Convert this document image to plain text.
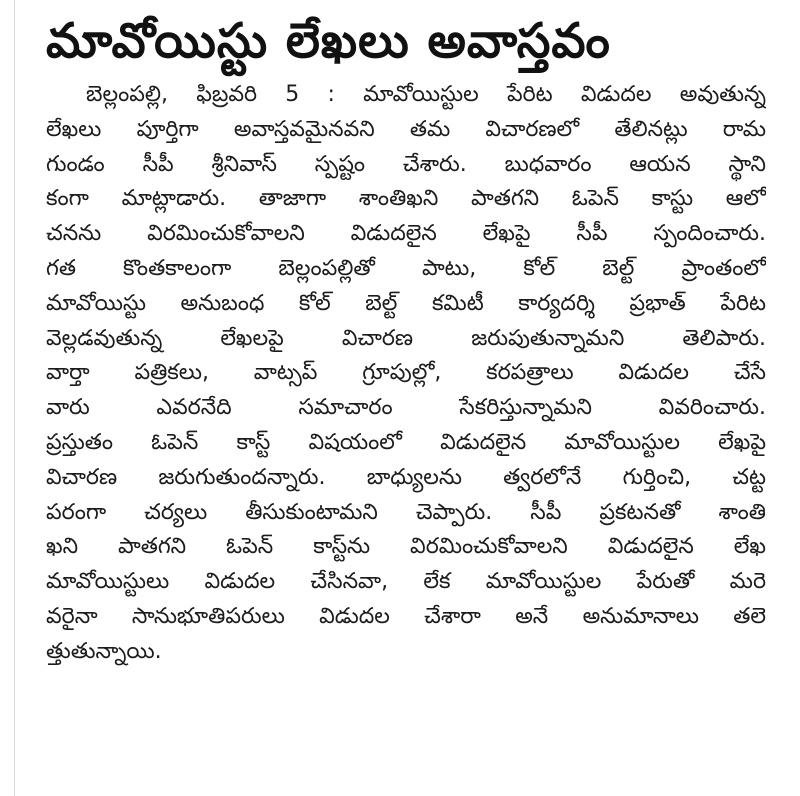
మావోయిస్టు లేఖలు అవాస్తవం
బెల్లంపల్లి, ఫిబ్రవరి 5 : మావోయిస్టుల పేరిట విడుదల అవుతున్న
లేఖలు పూర్తిగా అవాస్తవమైనవని తమ విచారణలో తేలినట్లు రామ
గుండం సీపీ శ్రీనివాస్ స్పష్టం చేశారు. బుధవారం ఆయన స్థాని
కంగా మాట్లాడారు. తాజాగా శాంతిఖని పాతగని ఓపెన్ కాస్టు ఆలో
చనను విరమించుకోవాలని విడుదలైన లేఖపై సీపీ స్పందించారు.
గత కొంతకాలంగా బెల్లంపల్లితో పాటు, కోల్ బెల్ట్ ప్రాంతంలో
మావోయిస్టు అనుబంధ కోల్ బెల్ట్ కమిటీ కార్యదర్శి ప్రభాత్ పేరిట
వెల్లడవుతున్న లేఖలపై విచారణ జరుపుతున్నామని తెలిపారు.
వార్తా పత్రికలు, వాట్సప్ గ్రూపుల్లో, కరపత్రాలు విడుదల చేసే
వారు ఎవరనేది సమాచారం సేకరిస్తున్నామని వివరించారు.
ప్రస్తుతం ఓపెన్ కాస్ట్ విషయంలో విడుదలైన మావోయిస్టుల లేఖపై
విచారణ జరుగుతుందన్నారు. బాధ్యులను త్వరలోనే గుర్తించి, చట్ట
పరంగా చర్యలు తీసుకుంటామని చెప్పారు. సీపీ ప్రకటనతో శాంతి
ఖని పాతగని ఓపెన్ కాస్ట్‌ను విరమించుకోవాలని విడుదలైన లేఖ
మావోయిస్టులు విడుదల చేసినవా, లేక మావోయిస్టుల పేరుతో మరె
వరైనా సానుభూతిపరులు విడుదల చేశారా అనే అనుమానాలు తలె
త్తుతున్నాయి.
